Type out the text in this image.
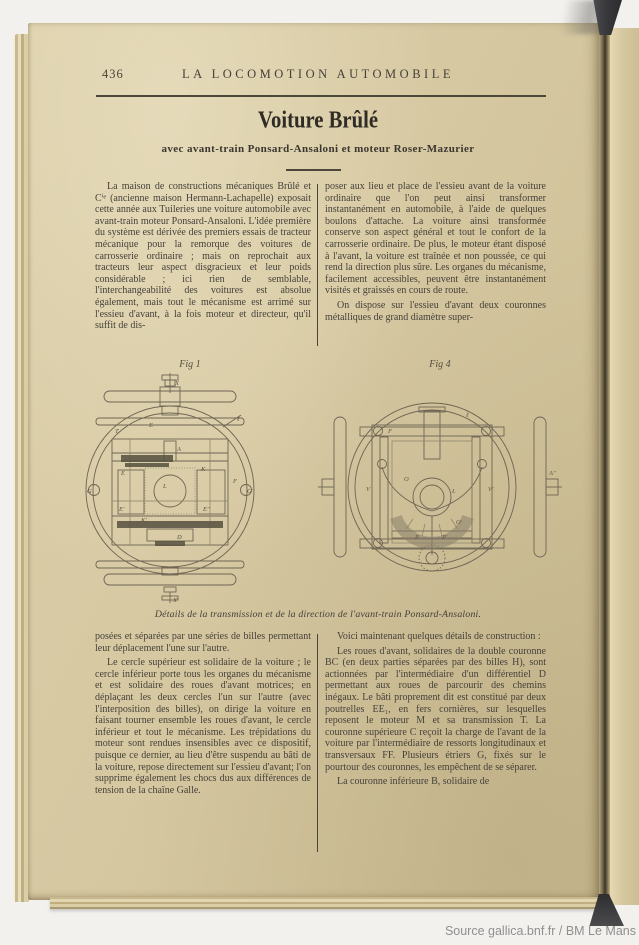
436	LA LOCOMOTION AUTOMOBILE
Voiture Brûlé
avec avant-train Ponsard-Ansaloni et moteur Roser-Mazurier

La maison de constructions mécaniques Brûlé et Cⁱᵉ (ancienne maison Hermann-Lachapelle) exposait cette année aux Tuileries une voiture automobile avec avant-train moteur Ponsard-Ansaloni. L'idée première du système est dérivée des premiers essais de tracteur mécanique pour la remorque des voitures de carrosserie ordinaire ; mais on reprochait aux tracteurs leur aspect disgracieux et leur poids considérable ; ici rien de semblable, l'interchangeabilité des voitures est absolue également, mais tout le mécanisme est arrimé sur l'essieu d'avant, à la fois moteur et directeur, qu'il suffit de dis-

poser aux lieu et place de l'essieu avant de la voiture ordinaire que l'on peut ainsi transformer instantanément en automobile, à l'aide de quelques boulons d'attache. La voiture ainsi transformée conserve son aspect général et tout le confort de la carrosserie ordinaire. De plus, le moteur étant disposé à l'avant, la voiture est traînée et non poussée, ce qui rend la direction plus sûre. Les organes du mécanisme, facilement accessibles, peuvent être instantanément visités et graissés en cours de route.

On dispose sur l'essieu d'avant deux couronnes métalliques de grand diamètre super-

Fig 1
X
T
E
A
K
E
L
E'	E''
K'
D
G	G'
F
ℓ
X'
Fig 4
L
O
O'
P	P'
V	V'
A''
F
ℓ
Détails de la transmission et de la direction de l'avant-train Ponsard-Ansaloni.

posées et séparées par une séries de billes permettant leur déplacement l'une sur l'autre.

Le cercle supérieur est solidaire de la voiture ; le cercle inférieur porte tous les organes du mécanisme et est solidaire des roues d'avant motrices; en déplaçant les deux cercles l'un sur l'autre (avec l'interposition des billes), on dirige la voiture en faisant tourner ensemble les roues d'avant, le cercle inférieur et tout le mécanisme. Les trépidations du moteur sont rendues insensibles avec ce dispositif, puisque ce dernier, au lieu d'être suspendu au bâti de la voiture, repose directement sur l'essieu d'avant; l'on supprime également les chocs dus aux différences de tension de la chaîne Galle.

Voici maintenant quelques détails de construction :

Les roues d'avant, solidaires de la double couronne BC (en deux parties séparées par des billes H), sont actionnées par l'intermédiaire d'un différentiel D permettant aux roues de parcourir des chemins inégaux. Le bâti proprement dit est constitué par deux poutrelles EE₁, en fers cornières, sur lesquelles reposent le moteur M et sa transmission T. La couronne supérieure C reçoit la charge de l'avant de la voiture par l'intermédiaire de ressorts longitudinaux et transversaux FF. Plusieurs étriers G, fixés sur le pourtour des couronnes, les empêchent de se séparer.

La couronne inférieure B, solidaire de

Source gallica.bnf.fr / BM Le Mans
